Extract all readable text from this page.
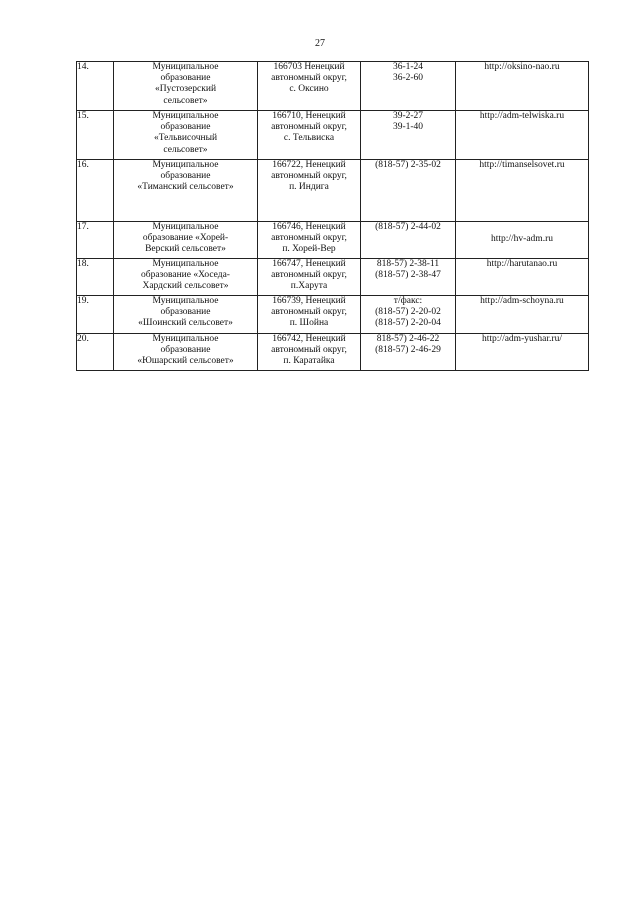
27
14.	Муниципальное
образование
«Пустозерский
сельсовет»	166703 Ненецкий
автономный округ,
с. Оксино	36-1-24
36-2-60	http://oksino-nao.ru

15.	Муниципальное
образование
«Тельвисочный
сельсовет»	166710, Ненецкий
автономный округ,
с. Тельвиска	39-2-27
39-1-40	http://adm-telwiska.ru

16.	Муниципальное
образование
«Тиманский сельсовет»	166722, Ненецкий
автономный округ,
п. Индига	(818-57) 2-35-02	http://timanselsovet.ru

17.	Муниципальное
образование «Хорей-
Верский сельсовет»	166746, Ненецкий
автономный округ,
п. Хорей-Вер	(818-57) 2-44-02	http://hv-adm.ru

18.	Муниципальное
образование «Хоседа-
Хардский сельсовет»	166747, Ненецкий
автономный округ,
п.Харута	818-57) 2-38-11
(818-57) 2-38-47	http://harutanao.ru

19.	Муниципальное
образование
«Шоинский сельсовет»	166739, Ненецкий
автономный округ,
п. Шойна	т/факс:
(818-57) 2-20-02
(818-57) 2-20-04	http://adm-schoyna.ru

20.	Муниципальное
образование
«Юшарский сельсовет»	166742, Ненецкий
автономный округ,
п. Каратайка	818-57) 2-46-22
(818-57) 2-46-29	http://adm-yushar.ru/
